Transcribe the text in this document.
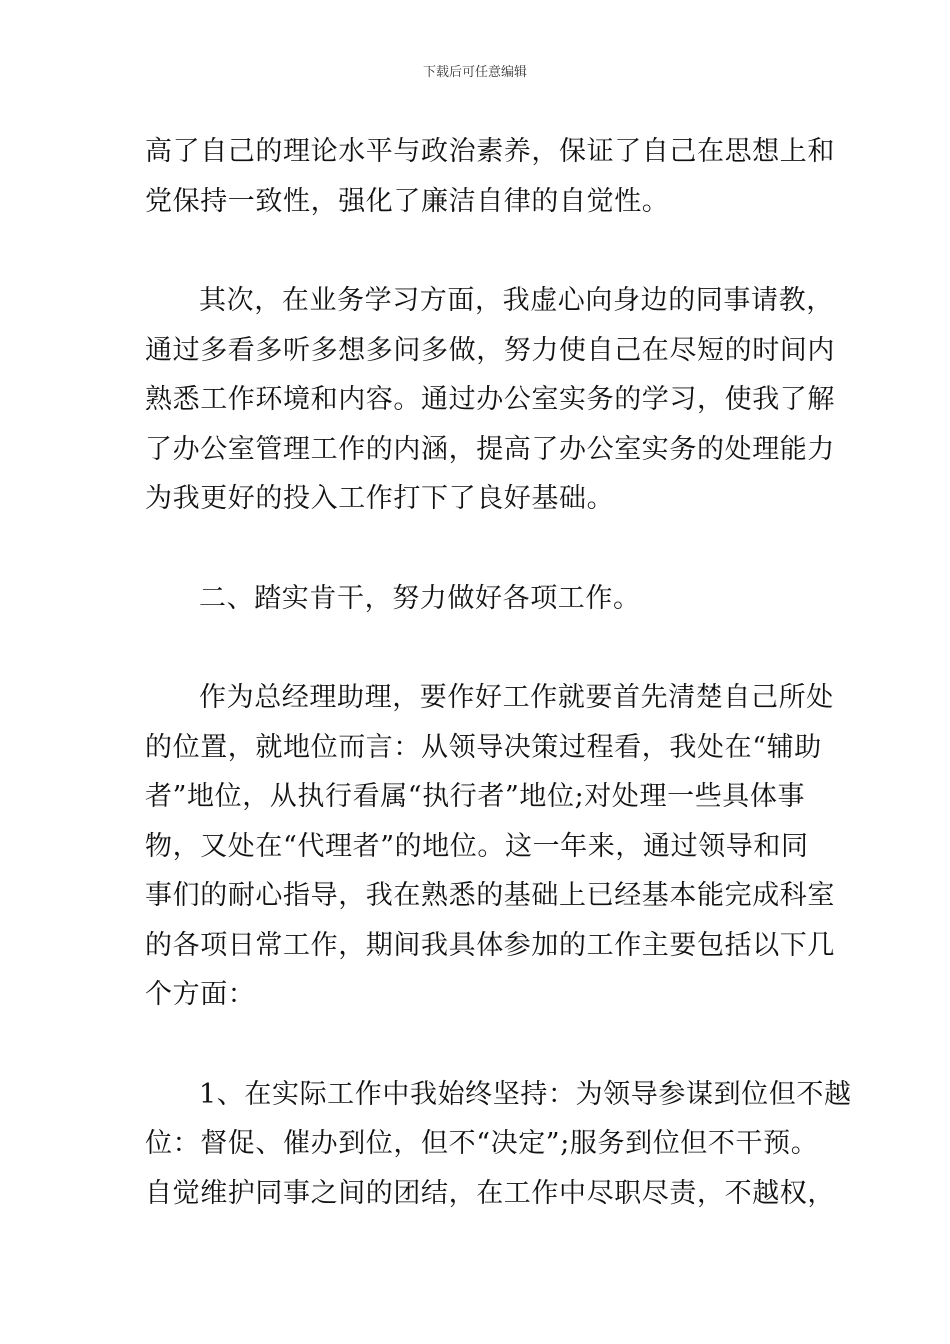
下载后可任意编辑
高了自己的理论水平与政治素养，保证了自己在思想上和
党保持一致性，强化了廉洁自律的自觉性。
其次，在业务学习方面，我虚心向身边的同事请教，
通过多看多听多想多问多做，努力使自己在尽短的时间内
熟悉工作环境和内容。通过办公室实务的学习，使我了解
了办公室管理工作的内涵，提高了办公室实务的处理能力
为我更好的投入工作打下了良好基础。
二、踏实肯干，努力做好各项工作。
作为总经理助理，要作好工作就要首先清楚自己所处
的位置，就地位而言：从领导决策过程看，我处在“辅助
者”地位，从执行看属“执行者”地位;对处理一些具体事
物，又处在“代理者”的地位。这一年来，通过领导和同
事们的耐心指导，我在熟悉的基础上已经基本能完成科室
的各项日常工作，期间我具体参加的工作主要包括以下几
个方面：
1、在实际工作中我始终坚持：为领导参谋到位但不越
位：督促、催办到位，但不“决定”;服务到位但不干预。
自觉维护同事之间的团结，在工作中尽职尽责，不越权，
